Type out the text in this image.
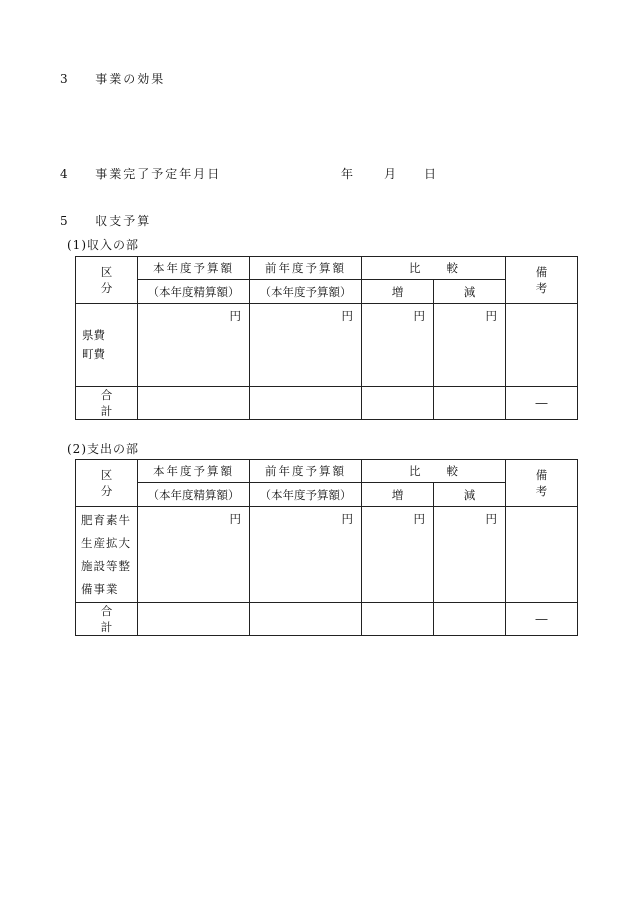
3 事業の効果
4 事業完了予定年月日	年 月 日
5 収支予算
(1)収入の部
区　分	本年度予算額	前年度予算額	比較		備　考
	（本年度精算額）	（本年度予算額）	増	減	

県費
町費	円	円	円	円	
合　計					―
(2)支出の部
区　分	本年度予算額	前年度予算額	比較		備　考
	（本年度精算額）	（本年度予算額）	増	減	

肥育素牛
生産拡大
施設等整
備事業	円	円	円	円	
合　計					―
